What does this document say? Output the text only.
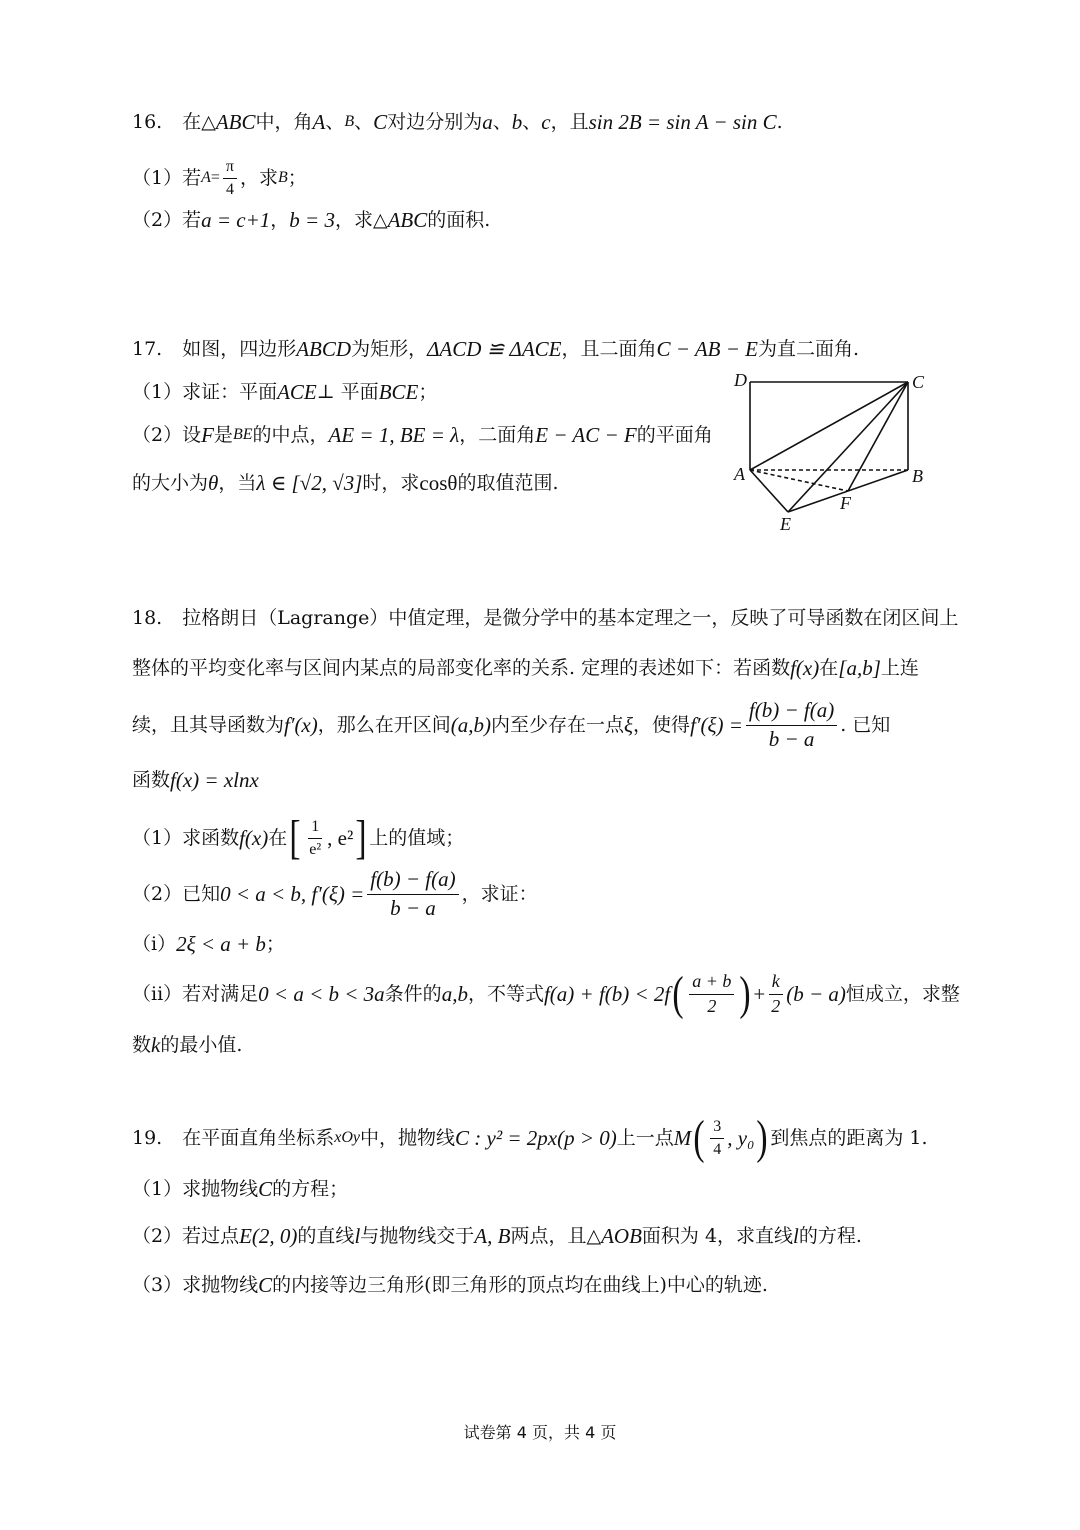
16. 在△ ABC 中，角 A 、 B 、 C 对边分别为 a 、 b 、 c ，且 sin 2B = sin A − sin C .
（1）若 $A = \frac{\pi}{4}$ ，求 B ；
（2）若 a = c+1 ， b = 3 ，求△ ABC 的面积.
17. 如图，四边形 ABCD 为矩形， ΔACD ≌ ΔACE ，且二面角 C − AB − E 为直二面角.
（1）求证：平面 ACE ⊥ 平面 BCE ；
（2）设 F 是 BE 的中点， AE = 1, BE = λ ，二面角 E − AC − F 的平面角
的大小为 θ ，当 λ ∈ [√2, √3] 时，求 cosθ 的取值范围.
D	C
A	B
E
F
18. 拉格朗日（Lagrange）中值定理，是微分学中的基本定理之一，反映了可导函数在闭区间上
整体的平均变化率与区间内某点的局部变化率的关系. 定理的表述如下：若函数 f(x) 在 [a,b] 上连
续，且其导函数为 f′(x) ，那么在开区间 (a,b) 内至少存在一点 ξ ，使得 $f'(\xi) = \frac{f(b) - f(a)}{b - a}$ . 已知
函数 f(x) = xlnx
（1）求函数 f(x) 在 [ $\frac{1}{\text{e²}}$ , e² ] 上的值域；
（2）已知 0 < a < b, $f'(\xi) = \frac{f(b) - f(a)}{b - a}$ ，求证：
（i） 2ξ < a + b ；
（ii）若对满足 0 < a < b < 3a 条件的 a,b ，不等式 f(a) + f(b) < 2f ( $\frac{a + b}{2}$ ) + $\frac{k}{2} (b - a)$ 恒成立，求整
数 k 的最小值.
19. 在平面直角坐标系 xOy 中，抛物线 C : y² = 2px(p > 0) 上一点 M ( $\frac{3}{4}$ , y₀ ) 到焦点的距离为 1.
（1）求抛物线 C 的方程；
（2）若过点 E(2, 0) 的直线 l 与抛物线交于 A, B 两点，且△ AOB 面积为 4，求直线 l 的方程.
（3）求抛物线 C 的内接等边三角形(即三角形的顶点均在曲线上)中心的轨迹.
试卷第 4 页，共 4 页
